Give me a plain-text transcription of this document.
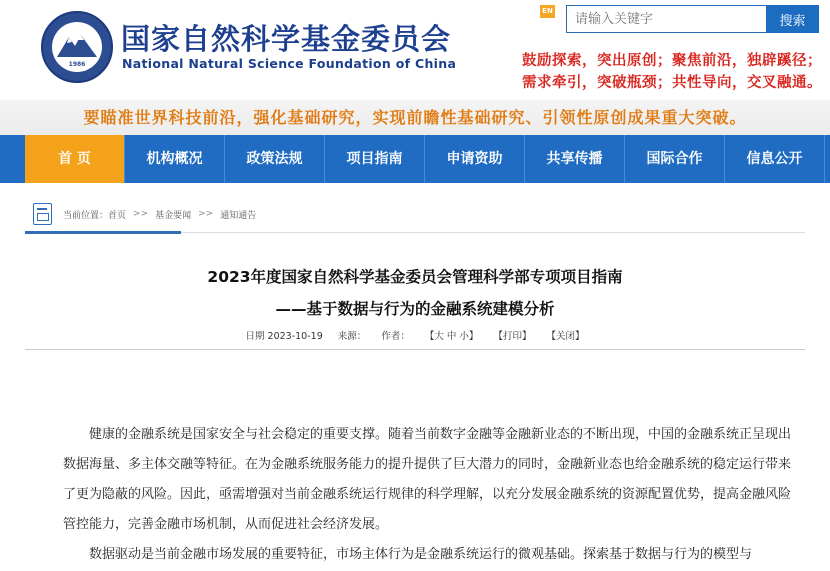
1986
国家自然科学基金委员会
National Natural Science Foundation of China
EN
请输入关键字
搜索
鼓励探索，突出原创；聚焦前沿，独辟蹊径；
需求牵引，突破瓶颈；共性导向，交叉融通。
要瞄准世界科技前沿，强化基础研究，实现前瞻性基础研究、引领性原创成果重大突破。
首 页	机构概况	政策法规	项目指南	申请资助	共享传播	国际合作	信息公开
当前位置： 首页 >> 基金要闻 >> 通知通告
2023年度国家自然科学基金委员会管理科学部专项项目指南
——基于数据与行为的金融系统建模分析
日期 2023-10-19 来源： 作者： 【大 中 小】 【打印】 【关闭】

健康的金融系统是国家安全与社会稳定的重要支撑。随着当前数字金融等金融新业态的不断出现，中国的金融系统正呈现出数据海量、多主体交融等特征。在为金融系统服务能力的提升提供了巨大潜力的同时，金融新业态也给金融系统的稳定运行带来了更为隐蔽的风险。因此，亟需增强对当前金融系统运行规律的科学理解，以充分发展金融系统的资源配置优势，提高金融风险管控能力，完善金融市场机制，从而促进社会经济发展。

数据驱动是当前金融市场发展的重要特征，市场主体行为是金融系统运行的微观基础。探索基于数据与行为的模型与
